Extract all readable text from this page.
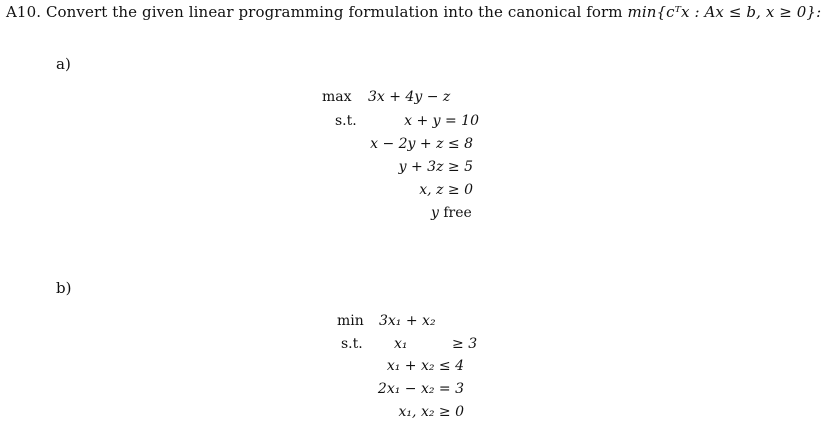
A10. Convert the given linear programming formulation into the canonical form min{cᵀx : Ax ≤ b, x ≥ 0}:
a)
max 3x + 4y − z
s.t.	x + y = 10
x − 2y + z ≤ 8
y + 3z ≥ 5
x, z ≥ 0
y free
b)
min 3x₁ + x₂
s.t. x₁          ≥ 3
x₁ + x₂ ≤ 4
2x₁ − x₂ = 3
x₁, x₂ ≥ 0
